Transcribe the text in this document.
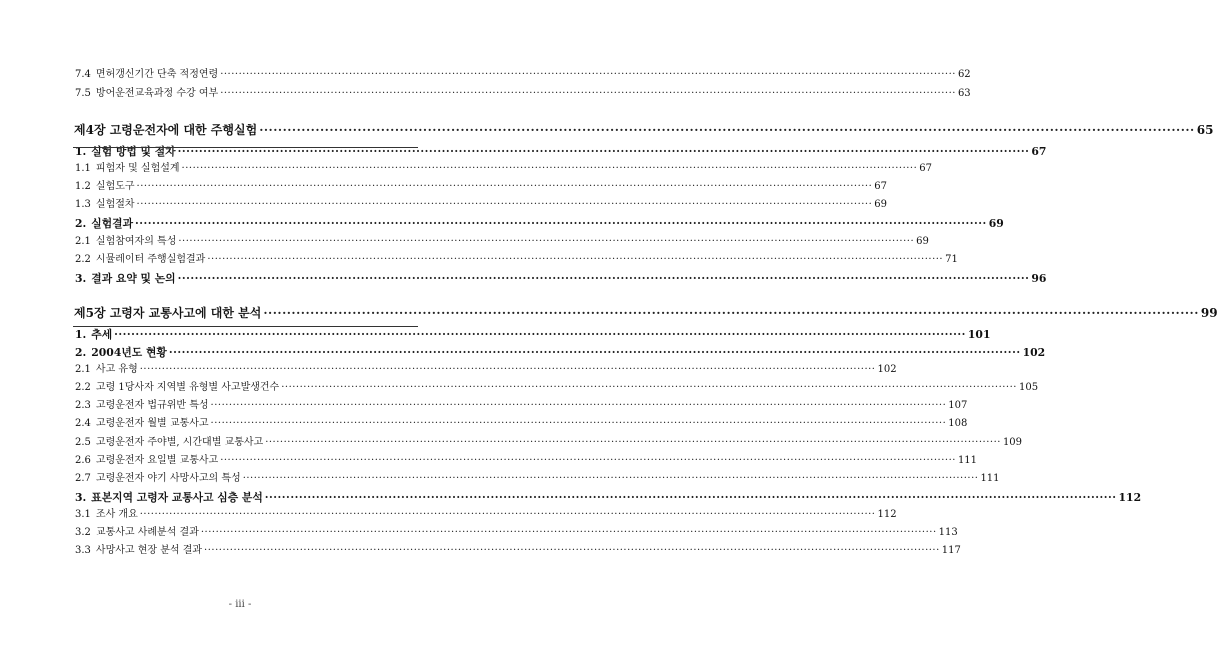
7.4 면허갱신기간 단축 적정연령 ········································································································································································································ 62
7.5 방어운전교육과정 수강 여부 ········································································································································································································ 63
제4장 고령운전자에 대한 주행실험 ········································································································································································································ 65
1. 실험 방법 및 절차 ········································································································································································································ 67
1.1 피험자 및 실험설계 ········································································································································································································ 67
1.2 실험도구 ········································································································································································································ 67
1.3 실험절차 ········································································································································································································ 69
2. 실험결과 ········································································································································································································ 69
2.1 실험참여자의 특성 ········································································································································································································ 69
2.2 시뮬레이터 주행실험결과 ········································································································································································································ 71
3. 결과 요약 및 논의 ········································································································································································································ 96
제5장 고령자 교통사고에 대한 분석 ········································································································································································································ 99
1. 추세 ········································································································································································································ 101
2. 2004년도 현황 ········································································································································································································ 102
2.1 사고 유형 ········································································································································································································ 102
2.2 고령 1당사자 지역별 유형별 사고발생건수 ········································································································································································································ 105
2.3 고령운전자 법규위반 특성 ········································································································································································································ 107
2.4 고령운전자 월별 교통사고 ········································································································································································································ 108
2.5 고령운전자 주야별, 시간대별 교통사고 ········································································································································································································ 109
2.6 고령운전자 요일별 교통사고 ········································································································································································································ 111
2.7 고령운전자 야기 사망사고의 특성 ········································································································································································································ 111
3. 표본지역 고령자 교통사고 심층 분석 ········································································································································································································ 112
3.1 조사 개요 ········································································································································································································ 112
3.2 교통사고 사례분석 결과 ········································································································································································································ 113
3.3 사망사고 현장 분석 결과 ········································································································································································································ 117
- iii -
